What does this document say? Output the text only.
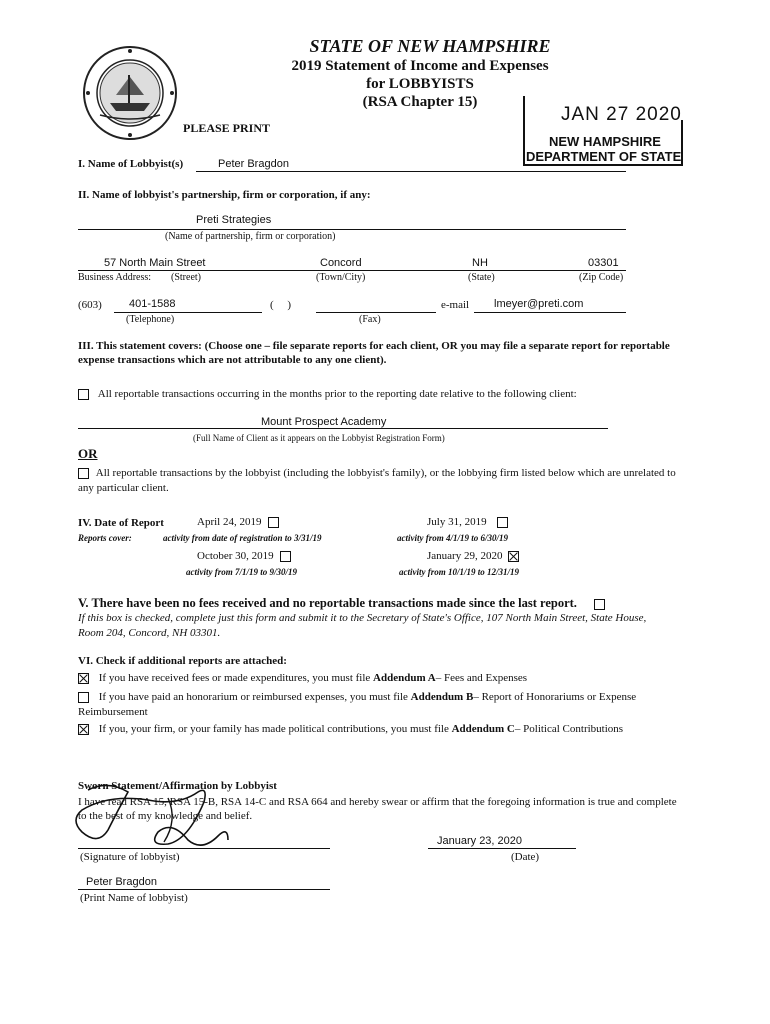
STATE OF NEW HAMPSHIRE
2019 Statement of Income and Expenses
for LOBBYISTS
(RSA Chapter 15)
PLEASE PRINT
JAN 27 2020
NEW HAMPSHIRE
DEPARTMENT OF STATE
I. Name of Lobbyist(s)	Peter Bragdon
II. Name of lobbyist's partnership, firm or corporation, if any:
Preti Strategies
(Name of partnership, firm or corporation)
57 North Main Street	Concord	NH	03301
Business Address: (Street)	(Town/City)	(State)	(Zip Code)
(603) 401-1588
(Telephone)
(     )
(Fax)
e-mail lmeyer@preti.com
III. This statement covers: (Choose one – file separate reports for each client, OR you may file a separate report for reportable expense transactions which are not attributable to any one client).
All reportable transactions occurring in the months prior to the reporting date relative to the following client:
Mount Prospect Academy
(Full Name of Client as it appears on the Lobbyist Registration Form)
OR
All reportable transactions by the lobbyist (including the lobbyist's family), or the lobbying firm listed below which are unrelated to any particular client.
IV. Date of Report
Reports cover:
April 24, 2019
activity from date of registration to 3/31/19
July 31, 2019
activity from 4/1/19 to 6/30/19
October 30, 2019
activity from 7/1/19 to 9/30/19
January 29, 2020
activity from 10/1/19 to 12/31/19
V. There have been no fees received and no reportable transactions made since the last report.
If this box is checked, complete just this form and submit it to the Secretary of State's Office, 107 North Main Street, State House, Room 204, Concord, NH 03301.
VI. Check if additional reports are attached:
If you have received fees or made expenditures, you must file Addendum A– Fees and Expenses
If you have paid an honorarium or reimbursed expenses, you must file Addendum B– Report of Honorariums or Expense Reimbursement
If you, your firm, or your family has made political contributions, you must file Addendum C– Political Contributions
Sworn Statement/Affirmation by Lobbyist
I have read RSA 15, RSA 15-B, RSA 14-C and RSA 664 and hereby swear or affirm that the foregoing information is true and complete to the best of my knowledge and belief.
(Signature of lobbyist)
January 23, 2020
(Date)
Peter Bragdon
(Print Name of lobbyist)
